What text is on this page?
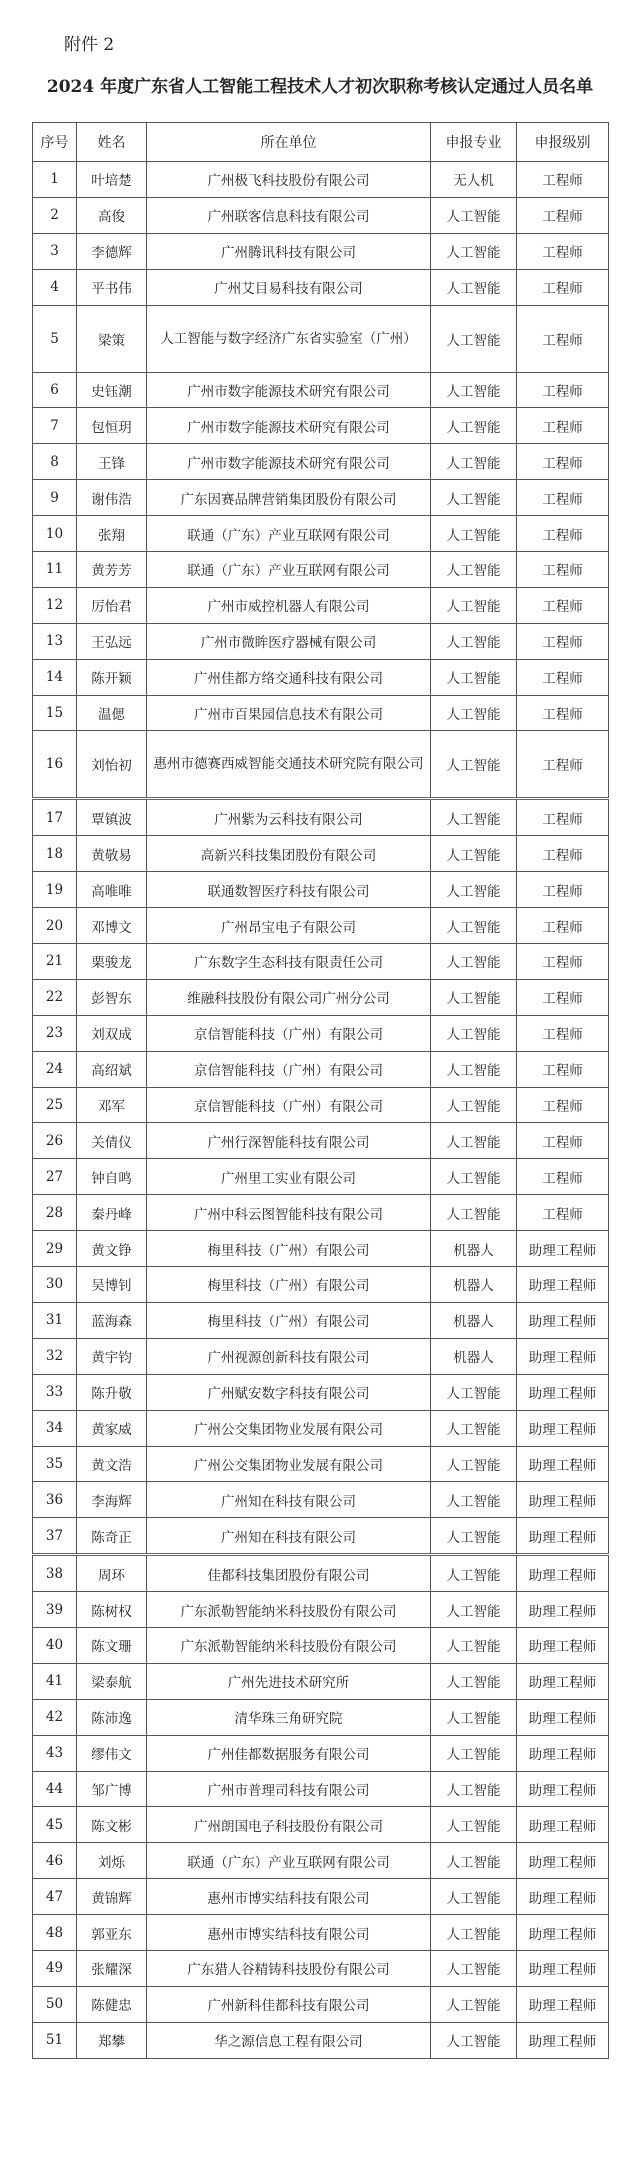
附件 2
2024 年度广东省人工智能工程技术人才初次职称考核认定通过人员名单
序号	姓名	所在单位	申报专业	申报级别
1	叶培楚	广州极飞科技股份有限公司	无人机	工程师
2	高俊	广州联客信息科技有限公司	人工智能	工程师
3	李德辉	广州腾讯科技有限公司	人工智能	工程师
4	平书伟	广州艾目易科技有限公司	人工智能	工程师
5	梁策	人工智能与数字经济广东省实验室（广州）	人工智能	工程师
6	史钰潮	广州市数字能源技术研究有限公司	人工智能	工程师
7	包恒玥	广州市数字能源技术研究有限公司	人工智能	工程师
8	王锋	广州市数字能源技术研究有限公司	人工智能	工程师
9	谢伟浩	广东因赛品牌营销集团股份有限公司	人工智能	工程师
10	张翔	联通（广东）产业互联网有限公司	人工智能	工程师
11	黄芳芳	联通（广东）产业互联网有限公司	人工智能	工程师
12	厉怡君	广州市威控机器人有限公司	人工智能	工程师
13	王弘远	广州市微眸医疗器械有限公司	人工智能	工程师
14	陈开颖	广州佳都方络交通科技有限公司	人工智能	工程师
15	温偲	广州市百果园信息技术有限公司	人工智能	工程师
16	刘怡初	惠州市德赛西威智能交通技术研究院有限公司	人工智能	工程师
17	覃镇波	广州紫为云科技有限公司	人工智能	工程师
18	黄敬易	高新兴科技集团股份有限公司	人工智能	工程师
19	高唯唯	联通数智医疗科技有限公司	人工智能	工程师
20	邓博文	广州昂宝电子有限公司	人工智能	工程师
21	栗骏龙	广东数字生态科技有限责任公司	人工智能	工程师
22	彭智东	维融科技股份有限公司广州分公司	人工智能	工程师
23	刘双成	京信智能科技（广州）有限公司	人工智能	工程师
24	高绍斌	京信智能科技（广州）有限公司	人工智能	工程师
25	邓军	京信智能科技（广州）有限公司	人工智能	工程师
26	关倩仪	广州行深智能科技有限公司	人工智能	工程师
27	钟自鸣	广州里工实业有限公司	人工智能	工程师
28	秦丹峰	广州中科云图智能科技有限公司	人工智能	工程师
29	黄文铮	梅里科技（广州）有限公司	机器人	助理工程师
30	吴博钊	梅里科技（广州）有限公司	机器人	助理工程师
31	蓝海森	梅里科技（广州）有限公司	机器人	助理工程师
32	黄宇钧	广州视源创新科技有限公司	机器人	助理工程师
33	陈升敬	广州赋安数字科技有限公司	人工智能	助理工程师
34	黄家威	广州公交集团物业发展有限公司	人工智能	助理工程师
35	黄文浩	广州公交集团物业发展有限公司	人工智能	助理工程师
36	李海辉	广州知在科技有限公司	人工智能	助理工程师
37	陈奇正	广州知在科技有限公司	人工智能	助理工程师
38	周环	佳都科技集团股份有限公司	人工智能	助理工程师
39	陈树权	广东派勒智能纳米科技股份有限公司	人工智能	助理工程师
40	陈文珊	广东派勒智能纳米科技股份有限公司	人工智能	助理工程师
41	梁泰航	广州先进技术研究所	人工智能	助理工程师
42	陈沛逸	清华珠三角研究院	人工智能	助理工程师
43	缪伟文	广州佳都数据服务有限公司	人工智能	助理工程师
44	邹广博	广州市普理司科技有限公司	人工智能	助理工程师
45	陈文彬	广州朗国电子科技股份有限公司	人工智能	助理工程师
46	刘烁	联通（广东）产业互联网有限公司	人工智能	助理工程师
47	黄锦辉	惠州市博实结科技有限公司	人工智能	助理工程师
48	郭亚东	惠州市博实结科技有限公司	人工智能	助理工程师
49	张耀深	广东猎人谷精铸科技股份有限公司	人工智能	助理工程师
50	陈健忠	广州新科佳都科技有限公司	人工智能	助理工程师
51	郑攀	华之源信息工程有限公司	人工智能	助理工程师
